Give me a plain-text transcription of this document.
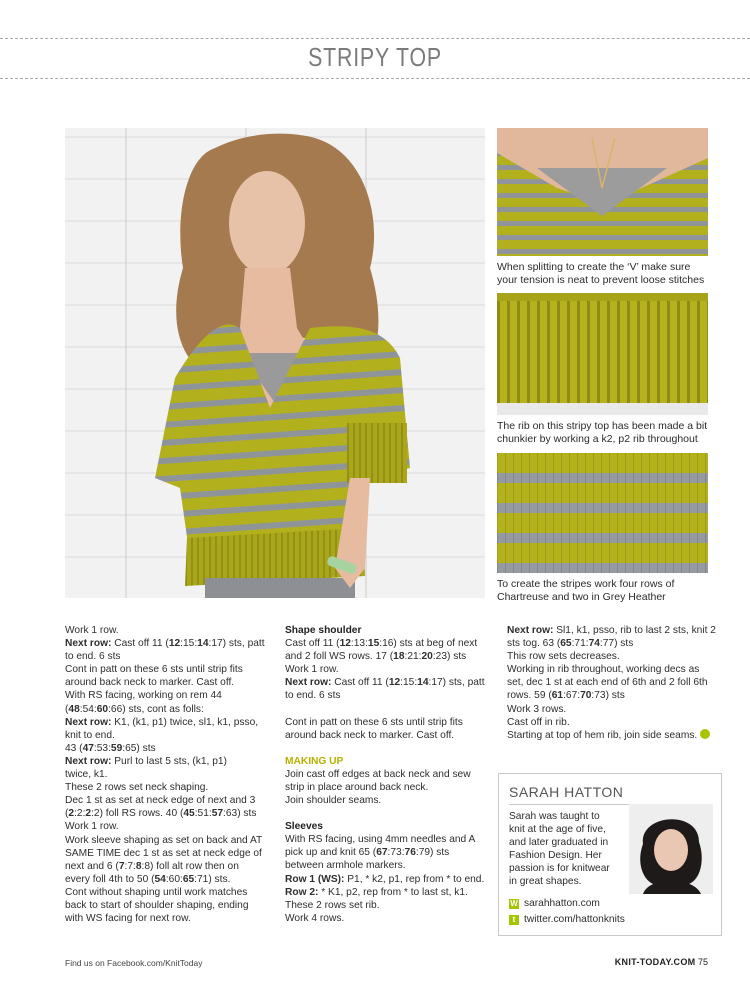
STRIPY TOP

When splitting to create the ‘V’ make sure

your tension is neat to prevent loose stitches

The rib on this stripy top has been made a bit

chunkier by working a k2, p2 rib throughout

To create the stripes work four rows of

Chartreuse and two in Grey Heather

Work 1 row.

Next row: Cast off 11 (12:15:14:17) sts, patt

to end. 6 sts

Cont in patt on these 6 sts until strip fits

around back neck to marker. Cast off.

With RS facing, working on rem 44

(48:54:60:66) sts, cont as folls:

Next row: K1, (k1, p1) twice, sl1, k1, psso,

knit to end.

43 (47:53:59:65) sts

Next row: Purl to last 5 sts, (k1, p1)

twice, k1.

These 2 rows set neck shaping.

Dec 1 st as set at neck edge of next and 3

(2:2:2:2) foll RS rows. 40 (45:51:57:63) sts

Work 1 row.

Work sleeve shaping as set on back and AT

SAME TIME dec 1 st as set at neck edge of

next and 6 (7:7:8:8) foll alt row then on

every foll 4th to 50 (54:60:65:71) sts.

Cont without shaping until work matches

back to start of shoulder shaping, ending

with WS facing for next row.

Shape shoulder

Cast off 11 (12:13:15:16) sts at beg of next

and 2 foll WS rows. 17 (18:21:20:23) sts

Work 1 row.

Next row: Cast off 11 (12:15:14:17) sts, patt

to end. 6 sts

Cont in patt on these 6 sts until strip fits

around back neck to marker. Cast off.

MAKING UP

Join cast off edges at back neck and sew

strip in place around back neck.

Join shoulder seams.

Sleeves

With RS facing, using 4mm needles and A

pick up and knit 65 (67:73:76:79) sts

between armhole markers.

Row 1 (WS): P1, * k2, p1, rep from * to end.

Row 2: * K1, p2, rep from * to last st, k1.

These 2 rows set rib.

Work 4 rows.

Next row: Sl1, k1, psso, rib to last 2 sts, knit 2

sts tog. 63 (65:71:74:77) sts

This row sets decreases.

Working in rib throughout, working decs as

set, dec 1 st at each end of 6th and 2 foll 6th

rows. 59 (61:67:70:73) sts

Work 3 rows.

Cast off in rib.

Starting at top of hem rib, join side seams.

SARAH HATTON

Sarah was taught to

knit at the age of five,

and later graduated in

Fashion Design. Her

passion is for knitwear

in great shapes.

W sarahhatton.com
t twitter.com/hattonknits
Find us on Facebook.com/KnitToday	KNIT-TODAY.COM 75
